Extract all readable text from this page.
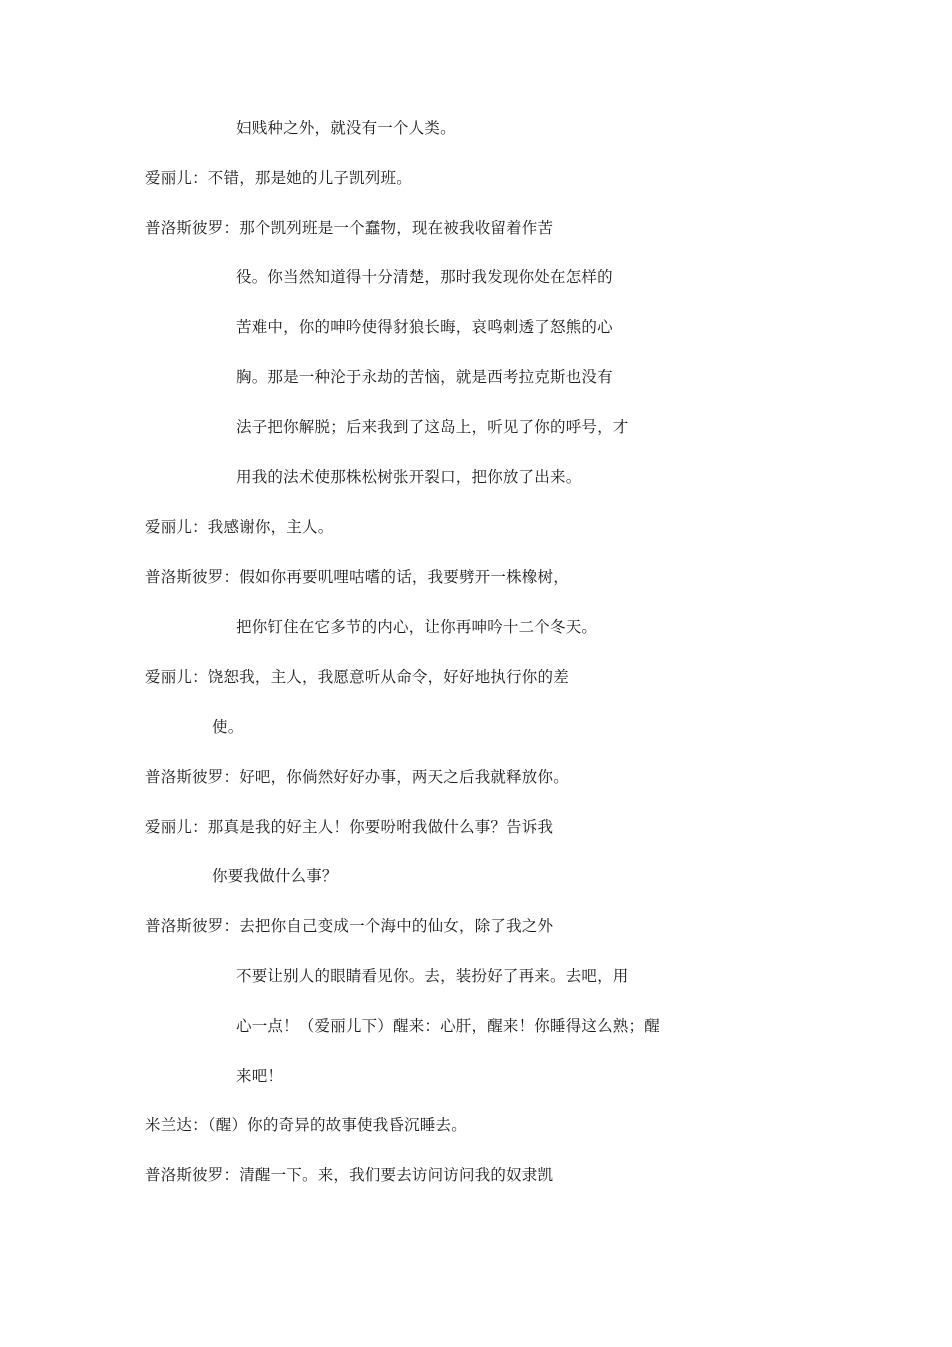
妇贱种之外，就没有一个人类。
爱丽儿：不错，那是她的儿子凯列班。
普洛斯彼罗：那个凯列班是一个蠢物，现在被我收留着作苦
役。你当然知道得十分清楚，那时我发现你处在怎样的
苦难中，你的呻吟使得豺狼长晦，哀鸣刺透了怒熊的心
胸。那是一种沦于永劫的苦恼，就是西考拉克斯也没有
法子把你解脱；后来我到了这岛上，听见了你的呼号，才
用我的法术使那株松树张开裂口，把你放了出来。
爱丽儿：我感谢你，主人。
普洛斯彼罗：假如你再要叽哩咕嗜的话，我要劈开一株橡树，
把你钉住在它多节的内心，让你再呻吟十二个冬天。
爱丽儿：饶恕我，主人，我愿意听从命令，好好地执行你的差
使。
普洛斯彼罗：好吧，你倘然好好办事，两天之后我就释放你。
爱丽儿：那真是我的好主人！你要吩咐我做什么事？告诉我
你要我做什么事？
普洛斯彼罗：去把你自己变成一个海中的仙女，除了我之外
不要让别人的眼睛看见你。去，装扮好了再来。去吧，用
心一点！（爱丽儿下）醒来：心肝，醒来！你睡得这么熟；醒
来吧！
米兰达：（醒）你的奇异的故事使我昏沉睡去。
普洛斯彼罗：清醒一下。来，我们要去访问访问我的奴隶凯
